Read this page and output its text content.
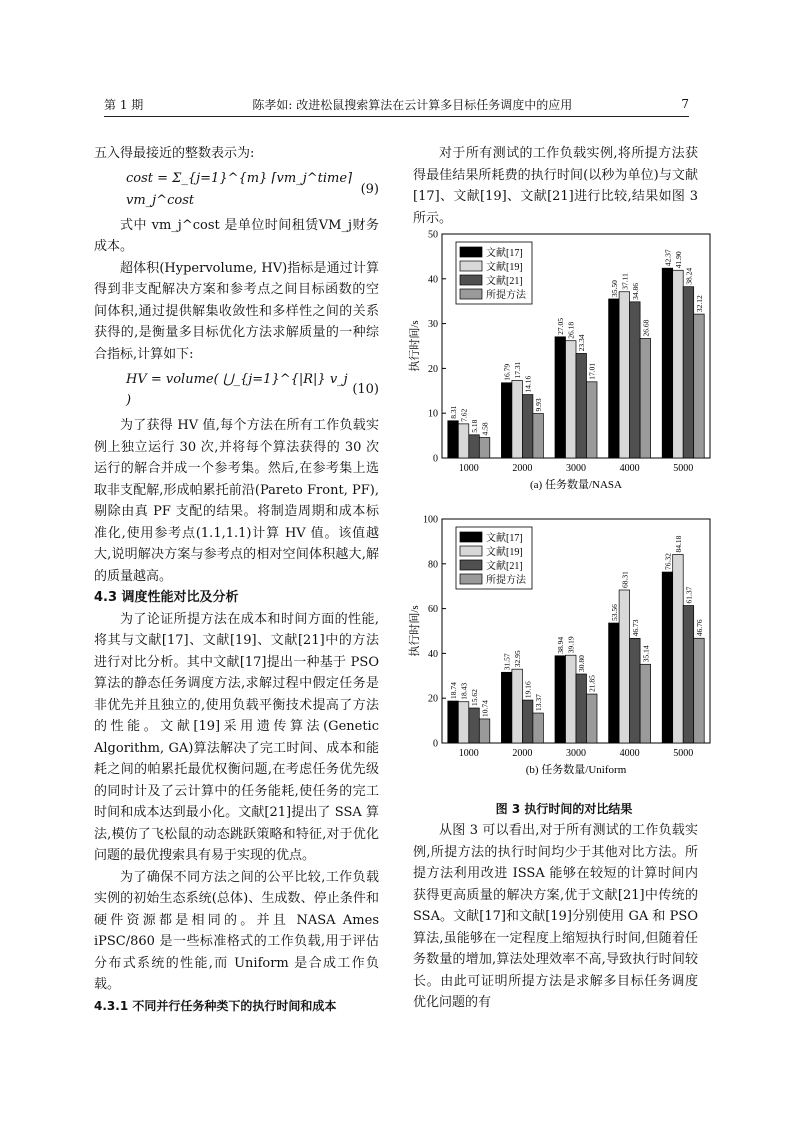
第 1 期	陈孝如: 改进松鼠搜索算法在云计算多目标任务调度中的应用	7

五入得最接近的整数表示为:

cost = Σ_{j=1}^{m} ⌈vm_j^time⌉ vm_j^cost
(9)

式中 vm_j^cost 是单位时间租赁VM_j财务成本。

超体积(Hypervolume, HV)指标是通过计算得到非支配解决方案和参考点之间目标函数的空间体积,通过提供解集收敛性和多样性之间的关系获得的,是衡量多目标优化方法求解质量的一种综合指标,计算如下:

HV = volume( ⋃_{j=1}^{|R|} v_j )
(10)

为了获得 HV 值,每个方法在所有工作负载实例上独立运行 30 次,并将每个算法获得的 30 次运行的解合并成一个参考集。然后,在参考集上选取非支配解,形成帕累托前沿(Pareto Front, PF),剔除由真 PF 支配的结果。将制造周期和成本标准化,使用参考点(1.1,1.1)计算 HV 值。该值越大,说明解决方案与参考点的相对空间体积越大,解的质量越高。

4.3 调度性能对比及分析

为了论证所提方法在成本和时间方面的性能,将其与文献[17]、文献[19]、文献[21]中的方法进行对比分析。其中文献[17]提出一种基于 PSO 算法的静态任务调度方法,求解过程中假定任务是非优先并且独立的,使用负载平衡技术提高了方法的性能。文献[19]采用遗传算法(Genetic Algorithm, GA)算法解决了完工时间、成本和能耗之间的帕累托最优权衡问题,在考虑任务优先级的同时计及了云计算中的任务能耗,使任务的完工时间和成本达到最小化。文献[21]提出了 SSA 算法,模仿了飞松鼠的动态跳跃策略和特征,对于优化问题的最优搜索具有易于实现的优点。

为了确保不同方法之间的公平比较,工作负载实例的初始生态系统(总体)、生成数、停止条件和硬件资源都是相同的。并且 NASA Ames iPSC/860 是一些标准格式的工作负载,用于评估分布式系统的性能,而 Uniform 是合成工作负载。

4.3.1 不同并行任务种类下的执行时间和成本

对于所有测试的工作负载实例,将所提方法获得最佳结果所耗费的执行时间(以秒为单位)与文献[17]、文献[19]、文献[21]进行比较,结果如图 3 所示。

0
10
20
30
40
50
执行时间/s
1000
8.31 7.62
5.18 4.58
2000
16.79 17.31
14.16
9.93
3000
27.05 26.18
23.34
17.01
4000
35.50 37.11
34.86
26.68
5000
42.37 41.90
38.24
32.12
文献[17]
文献[19]
文献[21]
所提方法
(a) 任务数量/NASA
0
20
40
60
80
100
执行时间/s
1000
18.74 18.43 15.62
10.74
2000
31.57 32.95
19.16
13.37
3000
38.94 39.19
30.80
21.85
4000
53.56
68.31
46.73
35.14
5000
76.32
84.18
61.37
46.76
文献[17]
文献[19]
文献[21]
所提方法
(b) 任务数量/Uniform
图 3 执行时间的对比结果

从图 3 可以看出,对于所有测试的工作负载实例,所提方法的执行时间均少于其他对比方法。所提方法利用改进 ISSA 能够在较短的计算时间内获得更高质量的解决方案,优于文献[21]中传统的 SSA。文献[17]和文献[19]分别使用 GA 和 PSO 算法,虽能够在一定程度上缩短执行时间,但随着任务数量的增加,算法处理效率不高,导致执行时间较长。由此可证明所提方法是求解多目标任务调度优化问题的有
